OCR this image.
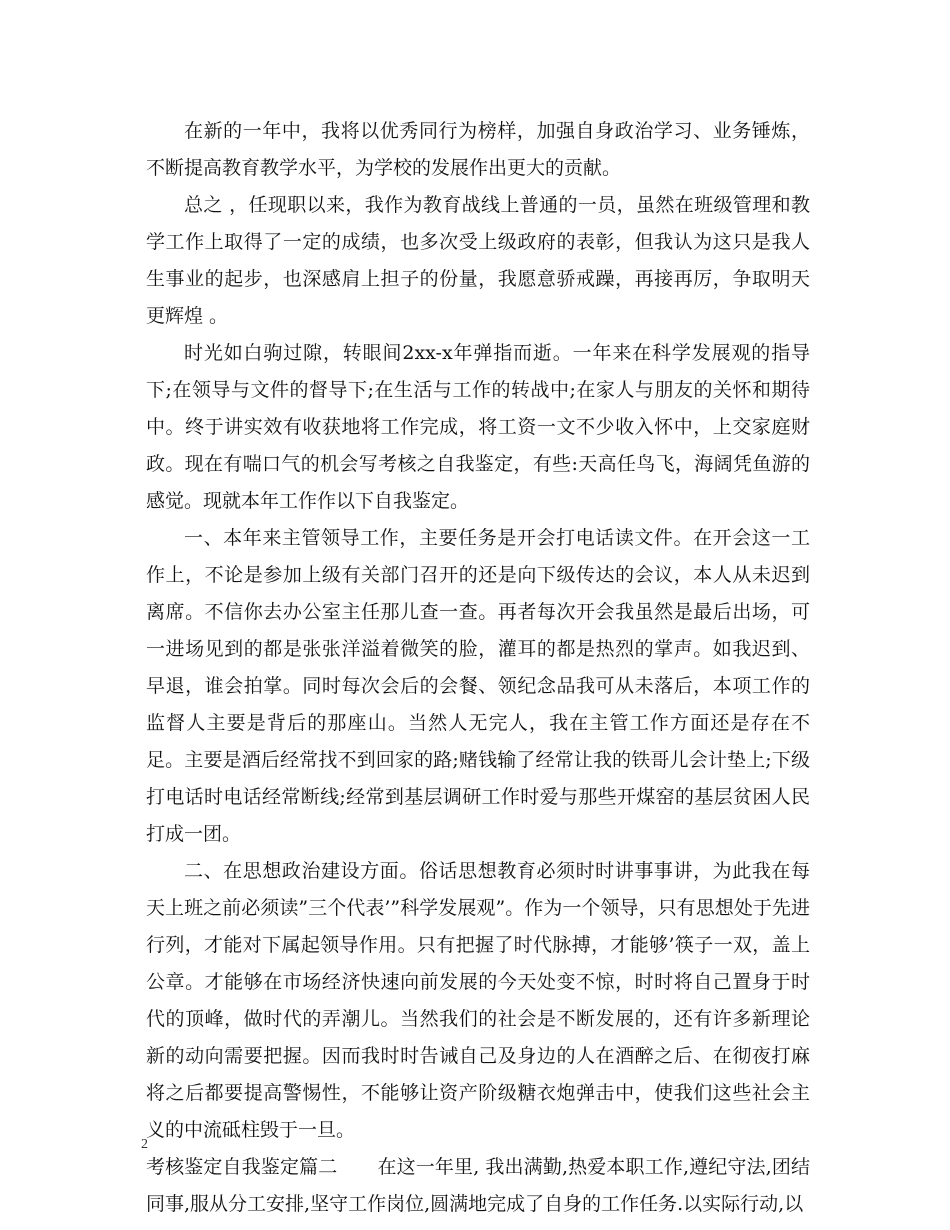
在新的一年中，我将以优秀同行为榜样，加强自身政治学习、业务锤炼，不断提高教育教学水平，为学校的发展作出更大的贡献。

总之 ，任现职以来，我作为教育战线上普通的一员，虽然在班级管理和教学工作上取得了一定的成绩，也多次受上级政府的表彰，但我认为这只是我人生事业的起步，也深感肩上担子的份量，我愿意骄戒躁，再接再厉，争取明天更辉煌 。

时光如白驹过隙，转眼间2xx-x年弹指而逝。一年来在科学发展观的指导下;在领导与文件的督导下;在生活与工作的转战中;在家人与朋友的关怀和期待中。终于讲实效有收获地将工作完成，将工资一文不少收入怀中，上交家庭财政。现在有喘口气的机会写考核之自我鉴定，有些:天高任鸟飞，海阔凭鱼游的感觉。现就本年工作作以下自我鉴定。

一、本年来主管领导工作，主要任务是开会打电话读文件。在开会这一工作上，不论是参加上级有关部门召开的还是向下级传达的会议，本人从未迟到离席。不信你去办公室主任那儿查一查。再者每次开会我虽然是最后出场，可一进场见到的都是张张洋溢着微笑的脸，灌耳的都是热烈的掌声。如我迟到、早退，谁会拍掌。同时每次会后的会餐、领纪念品我可从未落后，本项工作的监督人主要是背后的那座山。当然人无完人，我在主管工作方面还是存在不足。主要是酒后经常找不到回家的路;赌钱输了经常让我的铁哥儿会计垫上;下级打电话时电话经常断线;经常到基层调研工作时爱与那些开煤窑的基层贫困人民打成一团。

二、在思想政治建设方面。俗话思想教育必须时时讲事事讲，为此我在每天上班之前必须读”三个代表’”科学发展观”。作为一个领导，只有思想处于先进行列，才能对下属起领导作用。只有把握了时代脉搏，才能够’筷子一双，盖上公章。才能够在市场经济快速向前发展的今天处变不惊，时时将自己置身于时代的顶峰，做时代的弄潮儿。当然我们的社会是不断发展的，还有许多新理论新的动向需要把握。因而我时时告诫自己及身边的人在酒醉之后、在彻夜打麻将之后都要提高警惕性，不能够让资产阶级糖衣炮弹击中，使我们这些社会主义的中流砥柱毁于一旦。

考核鉴定自我鉴定篇二 在这一年里, 我出满勤,热爱本职工作,遵纪守法,团结同事,服从分工安排,坚守工作岗位,圆满地完成了自身的工作任务.以实际行动,以

2
